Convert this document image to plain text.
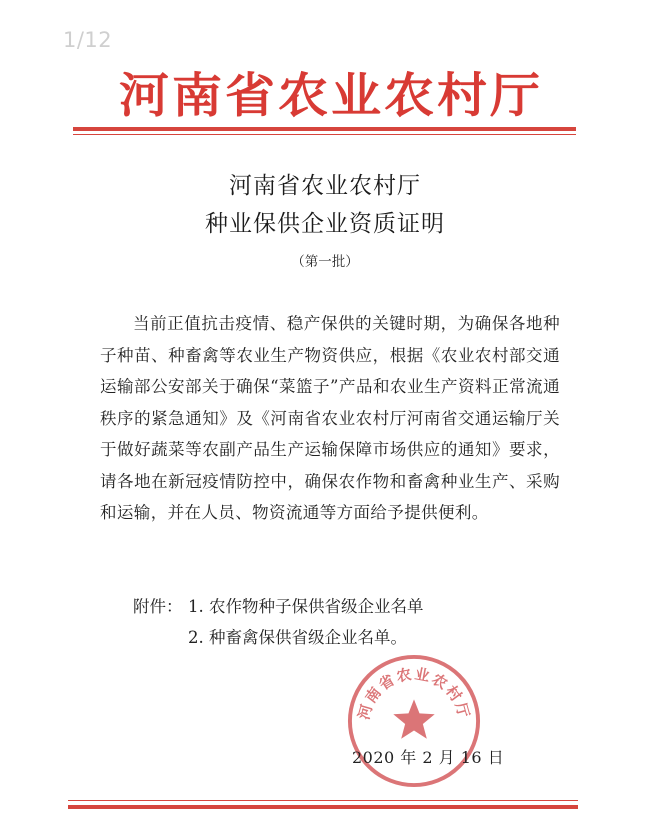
1/12
河南省农业农村厅
河南省农业农村厅
种业保供企业资质证明
（第一批）

当前正值抗击疫情、稳产保供的关键时期，为确保各地种子种苗、种畜禽等农业生产物资供应，根据《农业农村部交通运输部公安部关于确保“菜篮子”产品和农业生产资料正常流通秩序的紧急通知》及《河南省农业农村厅河南省交通运输厅关于做好蔬菜等农副产品生产运输保障市场供应的通知》要求，请各地在新冠疫情防控中，确保农作物和畜禽种业生产、采购和运输，并在人员、物资流通等方面给予提供便利。

附件： 1. 农作物种子保供省级企业名单
2. 种畜禽保供省级企业名单。
河南省农业农村厅
2020 年 2 月 16 日
